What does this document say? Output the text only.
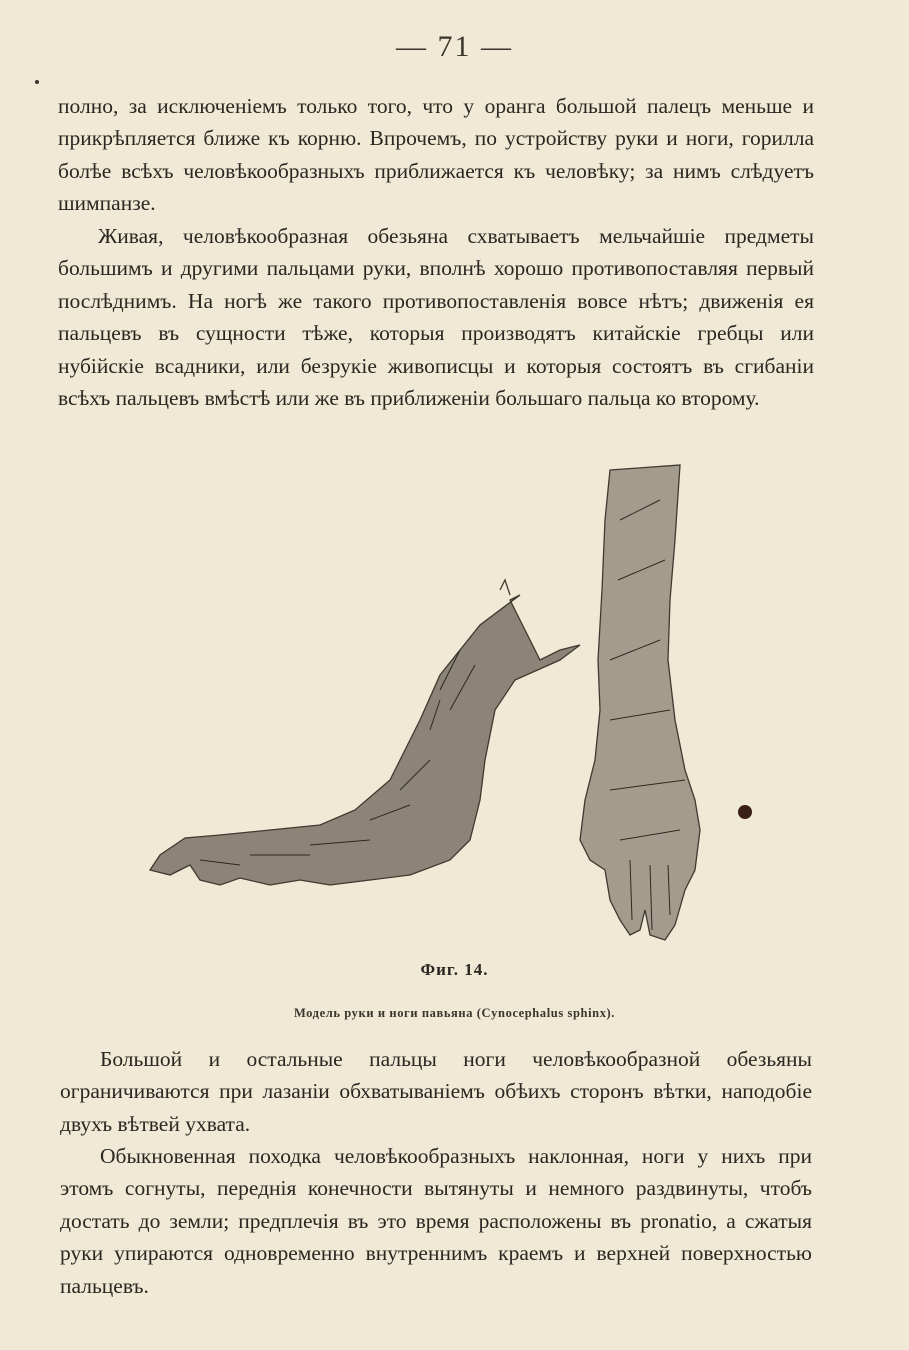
— 71 —

полно, за исключенiемъ только того, что у оранга большой палецъ меньше и прикрѣпляется ближе къ корню. Впрочемъ, по устройству руки и ноги, горилла болѣе всѣхъ человѣкообразныхъ приближается къ человѣку; за нимъ слѣдуетъ шимпанзе.

Живая, человѣкообразная обезьяна схватываетъ мельчайшiе предметы большимъ и другими пальцами руки, вполнѣ хорошо противопоставляя первый послѣднимъ. На ногѣ же такого противопоставленiя вовсе нѣтъ; движенiя ея пальцевъ въ сущности тѣже, которыя производятъ китайскiе гребцы или нубiйскiе всадники, или безрукiе живописцы и которыя состоятъ въ сгибанiи всѣхъ пальцевъ вмѣстѣ или же въ приближенiи большаго пальца ко второму.

Фиг. 14.
Модель руки и ноги павьяна (Cynocephalus sphinx).

Большой и остальные пальцы ноги человѣкообразной обезьяны ограничиваются при лазанiи обхватыванiемъ обѣихъ сторонъ вѣтки, наподобiе двухъ вѣтвей ухвата.

Обыкновенная походка человѣкообразныхъ наклонная, ноги у нихъ при этомъ согнуты, переднiя конечности вытянуты и немного раздвинуты, чтобъ достать до земли; предплечiя въ это время расположены въ pronatio, а сжатыя руки упираются одновременно внутреннимъ краемъ и верхней поверхностью пальцевъ.
